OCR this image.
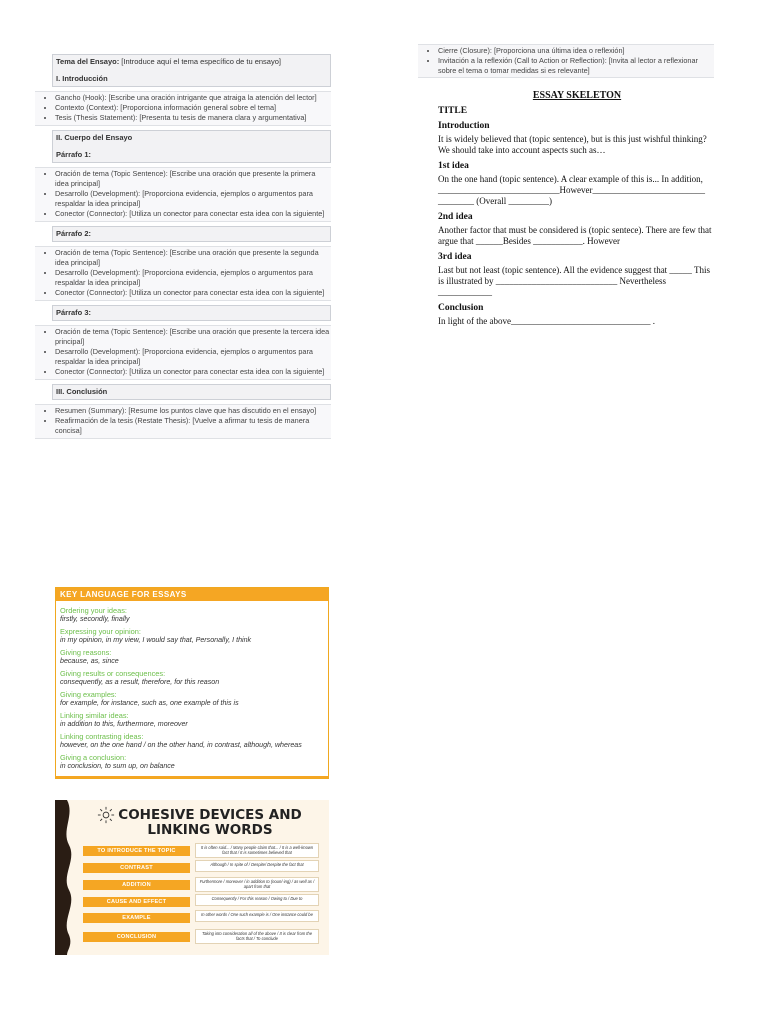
Tema del Ensayo: [Introduce aquí el tema específico de tu ensayo]
I. Introducción
• Gancho (Hook): [Escribe una oración intrigante que atraiga la atención del lector]
• Contexto (Context): [Proporciona información general sobre el tema]
• Tesis (Thesis Statement): [Presenta tu tesis de manera clara y argumentativa]
II. Cuerpo del Ensayo
Párrafo 1:
• Oración de tema (Topic Sentence): [Escribe una oración que presente la primera idea principal]
• Desarrollo (Development): [Proporciona evidencia, ejemplos o argumentos para respaldar la idea principal]
• Conector (Connector): [Utiliza un conector para conectar esta idea con la siguiente]
Párrafo 2:
• Oración de tema (Topic Sentence): [Escribe una oración que presente la segunda idea principal]
• Desarrollo (Development): [Proporciona evidencia, ejemplos o argumentos para respaldar la idea principal]
• Conector (Connector): [Utiliza un conector para conectar esta idea con la siguiente]
Párrafo 3:
• Oración de tema (Topic Sentence): [Escribe una oración que presente la tercera idea principal]
• Desarrollo (Development): [Proporciona evidencia, ejemplos o argumentos para respaldar la idea principal]
• Conector (Connector): [Utiliza un conector para conectar esta idea con la siguiente]
III. Conclusión
• Resumen (Summary): [Resume los puntos clave que has discutido en el ensayo]
• Reafirmación de la tesis (Restate Thesis): [Vuelve a afirmar tu tesis de manera concisa]
• Cierre (Closure): [Proporciona una última idea o reflexión]
• Invitación a la reflexión (Call to Action or Reflection): [Invita al lector a reflexionar sobre el tema o tomar medidas si es relevante]
ESSAY SKELETON
TITLE
Introduction

It is widely believed that (topic sentence), but is this just wishful thinking? We should take into account aspects such as…

1st idea

On the one hand (topic sentence). A clear example of this is... In addition, ___________________________However_________________________ ________ (Overall _________)

2nd idea

Another factor that must be considered is (topic sentece). There are few that argue that ______Besides ___________. However

3rd idea

Last but not least (topic sentence). All the evidence suggest that _____ This is illustrated by ___________________________ Nevertheless ____________

Conclusion

In light of the above_______________________________ .

KEY LANGUAGE FOR ESSAYS
Ordering your ideas:
firstly, secondly, finally
Expressing your opinion:
in my opinion, in my view, I would say that, Personally, I think
Giving reasons:
because, as, since
Giving results or consequences:
consequently, as a result, therefore, for this reason
Giving examples:
for example, for instance, such as, one example of this is
Linking similar ideas:
in addition to this, furthermore, moreover
Linking contrasting ideas:
however, on the one hand / on the other hand, in contrast, although, whereas
Giving a conclusion:
in conclusion, to sum up, on balance
COHESIVE DEVICES AND LINKING WORDS
TO INTRODUCE THE TOPIC
It is often said... / Many people claim that... / It is a well-known fact that / It is sometimes believed that
CONTRAST
Although / In spite of / Despite/ Despite the fact that
ADDITION
Furthermore / moreover / in addition to (noun/-ing) / as well as / apart from that
CAUSE AND EFFECT
Consequently / For this reason / Owing to / Due to
EXAMPLE
In other words / One such example is / One instance could be
CONCLUSION
Taking into consideration all of the above / It is clear from the facts that / To conclude
